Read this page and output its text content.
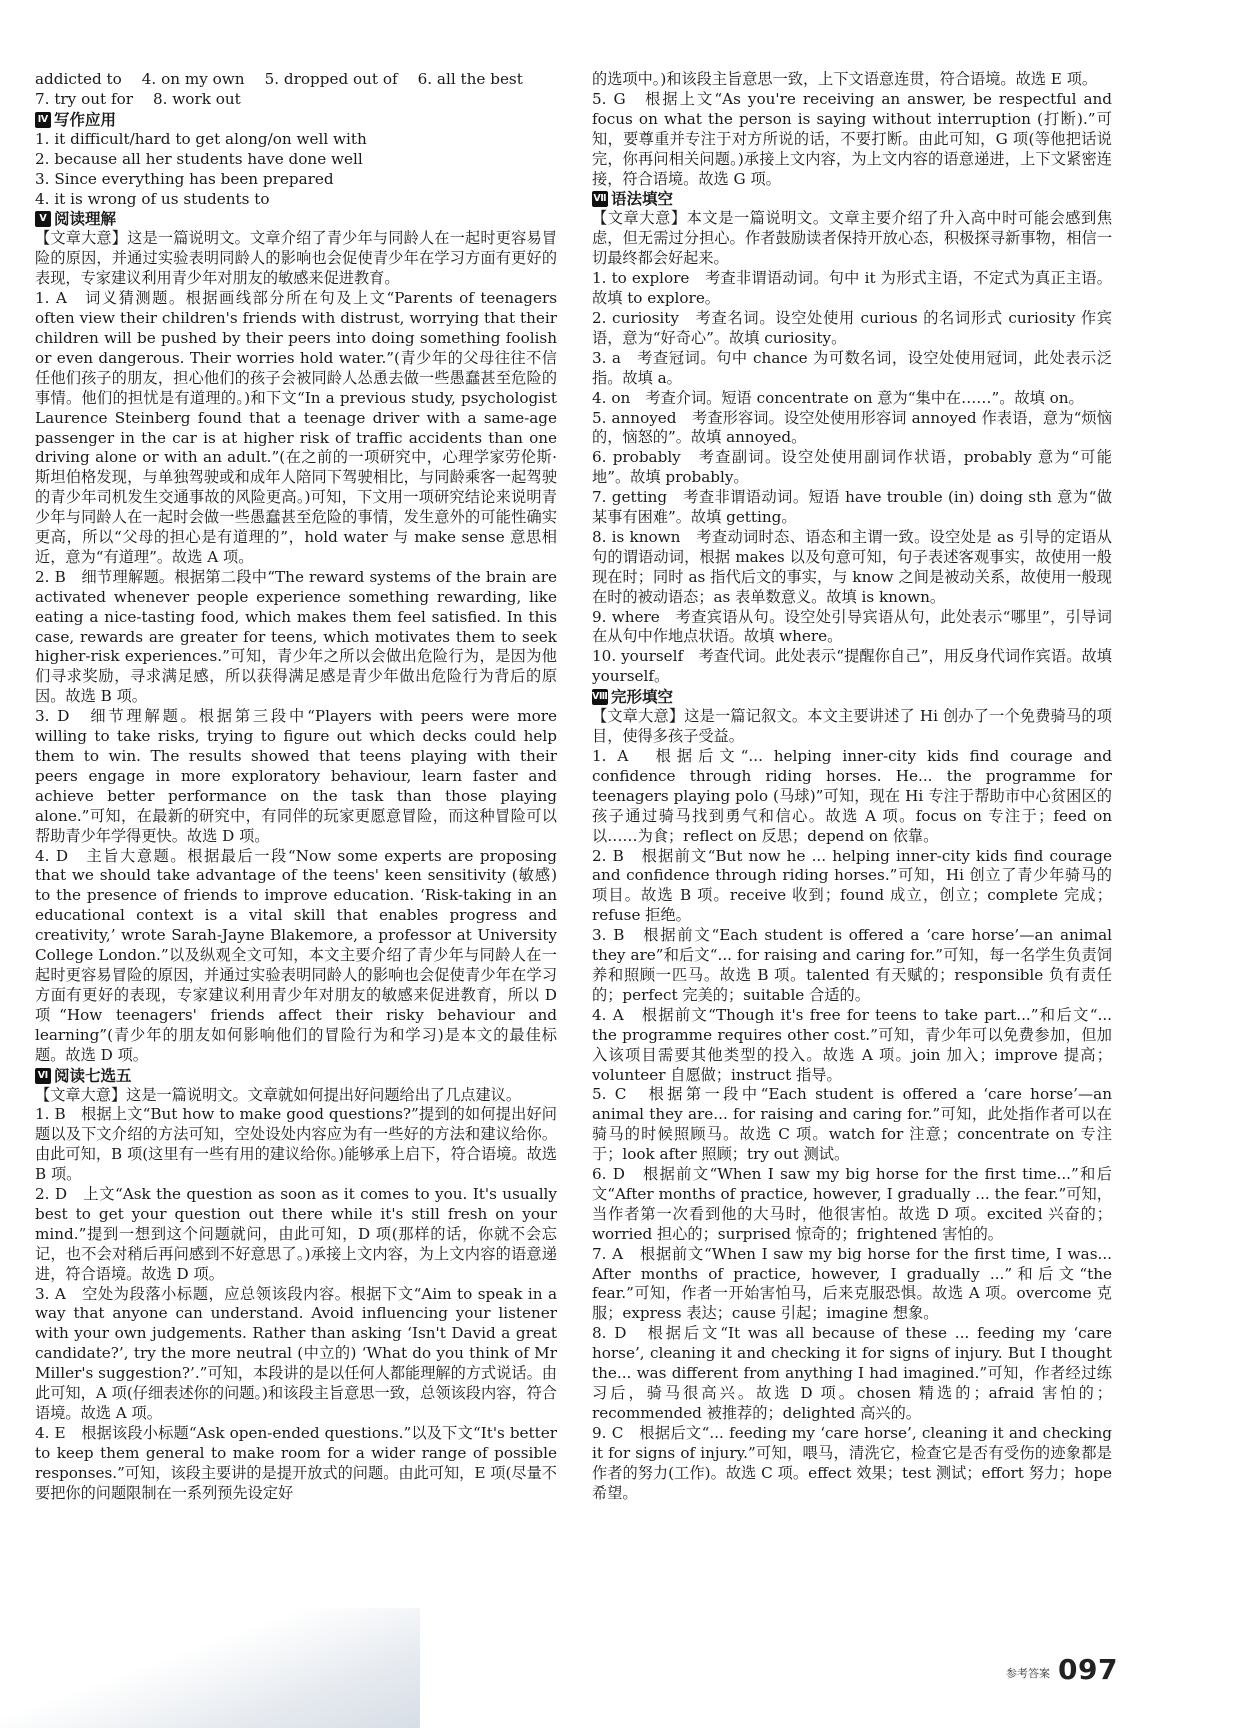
addicted to 4. on my own 5. dropped out of 6. all the best
7. try out for 8. work out
Ⅳ 写作应用

1. it difficult/hard to get along/on well with

2. because all her students have done well

3. Since everything has been prepared

4. it is wrong of us students to

Ⅴ 阅读理解

【文章大意】这是一篇说明文。文章介绍了青少年与同龄人在一起时更容易冒险的原因，并通过实验表明同龄人的影响也会促使青少年在学习方面有更好的表现，专家建议利用青少年对朋友的敏感来促进教育。

1. A　词义猜测题。根据画线部分所在句及上文“Parents of teenagers often view their children's friends with distrust, worrying that their children will be pushed by their peers into doing something foolish or even dangerous. Their worries hold water.”(青少年的父母往往不信任他们孩子的朋友，担心他们的孩子会被同龄人怂恿去做一些愚蠢甚至危险的事情。他们的担忧是有道理的。)和下文“In a previous study, psychologist Laurence Steinberg found that a teenage driver with a same-age passenger in the car is at higher risk of traffic accidents than one driving alone or with an adult.”(在之前的一项研究中，心理学家劳伦斯·斯坦伯格发现，与单独驾驶或和成年人陪同下驾驶相比，与同龄乘客一起驾驶的青少年司机发生交通事故的风险更高。)可知，下文用一项研究结论来说明青少年与同龄人在一起时会做一些愚蠢甚至危险的事情，发生意外的可能性确实更高，所以“父母的担心是有道理的”，hold water 与 make sense 意思相近，意为“有道理”。故选 A 项。

2. B　细节理解题。根据第二段中“The reward systems of the brain are activated whenever people experience something rewarding, like eating a nice-tasting food, which makes them feel satisfied. In this case, rewards are greater for teens, which motivates them to seek higher-risk experiences.”可知，青少年之所以会做出危险行为，是因为他们寻求奖励，寻求满足感，所以获得满足感是青少年做出危险行为背后的原因。故选 B 项。

3. D　细节理解题。根据第三段中“Players with peers were more willing to take risks, trying to figure out which decks could help them to win. The results showed that teens playing with their peers engage in more exploratory behaviour, learn faster and achieve better performance on the task than those playing alone.”可知，在最新的研究中，有同伴的玩家更愿意冒险，而这种冒险可以帮助青少年学得更快。故选 D 项。

4. D　主旨大意题。根据最后一段“Now some experts are proposing that we should take advantage of the teens' keen sensitivity (敏感) to the presence of friends to improve education. ‘Risk-taking in an educational context is a vital skill that enables progress and creativity,’ wrote Sarah-Jayne Blakemore, a professor at University College London.”以及纵观全文可知，本文主要介绍了青少年与同龄人在一起时更容易冒险的原因，并通过实验表明同龄人的影响也会促使青少年在学习方面有更好的表现，专家建议利用青少年对朋友的敏感来促进教育，所以 D 项“How teenagers' friends affect their risky behaviour and learning”(青少年的朋友如何影响他们的冒险行为和学习)是本文的最佳标题。故选 D 项。

Ⅵ 阅读七选五

【文章大意】这是一篇说明文。文章就如何提出好问题给出了几点建议。

1. B　根据上文“But how to make good questions?”提到的如何提出好问题以及下文介绍的方法可知，空处设处内容应为有一些好的方法和建议给你。由此可知，B 项(这里有一些有用的建议给你。)能够承上启下，符合语境。故选 B 项。

2. D　上文“Ask the question as soon as it comes to you. It's usually best to get your question out there while it's still fresh on your mind.”提到一想到这个问题就问，由此可知，D 项(那样的话，你就不会忘记，也不会对稍后再问感到不好意思了。)承接上文内容，为上文内容的语意递进，符合语境。故选 D 项。

3. A　空处为段落小标题，应总领该段内容。根据下文“Aim to speak in a way that anyone can understand. Avoid influencing your listener with your own judgements. Rather than asking ‘Isn't David a great candidate?’, try the more neutral (中立的) ‘What do you think of Mr Miller's suggestion?’.”可知，本段讲的是以任何人都能理解的方式说话。由此可知，A 项(仔细表述你的问题。)和该段主旨意思一致，总领该段内容，符合语境。故选 A 项。

4. E　根据该段小标题“Ask open-ended questions.”以及下文“It's better to keep them general to make room for a wider range of possible responses.”可知，该段主要讲的是提开放式的问题。由此可知，E 项(尽量不要把你的问题限制在一系列预先设定好

的选项中。)和该段主旨意思一致，上下文语意连贯，符合语境。故选 E 项。

5. G　根据上文“As you're receiving an answer, be respectful and focus on what the person is saying without interruption (打断).”可知，要尊重并专注于对方所说的话，不要打断。由此可知，G 项(等他把话说完，你再问相关问题。)承接上文内容，为上文内容的语意递进，上下文紧密连接，符合语境。故选 G 项。

Ⅶ 语法填空

【文章大意】本文是一篇说明文。文章主要介绍了升入高中时可能会感到焦虑，但无需过分担心。作者鼓励读者保持开放心态，积极探寻新事物，相信一切最终都会好起来。

1. to explore　考查非谓语动词。句中 it 为形式主语，不定式为真正主语。故填 to explore。

2. curiosity　考查名词。设空处使用 curious 的名词形式 curiosity 作宾语，意为“好奇心”。故填 curiosity。

3. a　考查冠词。句中 chance 为可数名词，设空处使用冠词，此处表示泛指。故填 a。

4. on　考查介词。短语 concentrate on 意为“集中在……”。故填 on。

5. annoyed　考查形容词。设空处使用形容词 annoyed 作表语，意为“烦恼的，恼怒的”。故填 annoyed。

6. probably　考查副词。设空处使用副词作状语，probably 意为“可能地”。故填 probably。

7. getting　考查非谓语动词。短语 have trouble (in) doing sth 意为“做某事有困难”。故填 getting。

8. is known　考查动词时态、语态和主谓一致。设空处是 as 引导的定语从句的谓语动词，根据 makes 以及句意可知，句子表述客观事实，故使用一般现在时；同时 as 指代后文的事实，与 know 之间是被动关系，故使用一般现在时的被动语态；as 表单数意义。故填 is known。

9. where　考查宾语从句。设空处引导宾语从句，此处表示“哪里”，引导词在从句中作地点状语。故填 where。

10. yourself　考查代词。此处表示“提醒你自己”，用反身代词作宾语。故填 yourself。

Ⅷ 完形填空

【文章大意】这是一篇记叙文。本文主要讲述了 Hi 创办了一个免费骑马的项目，使得多孩子受益。

1. A　根据后文“... helping inner-city kids find courage and confidence through riding horses. He... the programme for teenagers playing polo (马球)”可知，现在 Hi 专注于帮助市中心贫困区的孩子通过骑马找到勇气和信心。故选 A 项。focus on 专注于；feed on 以……为食；reflect on 反思；depend on 依靠。

2. B　根据前文“But now he ... helping inner-city kids find courage and confidence through riding horses.”可知，Hi 创立了青少年骑马的项目。故选 B 项。receive 收到；found 成立，创立；complete 完成；refuse 拒绝。

3. B　根据前文“Each student is offered a ‘care horse’—an animal they are”和后文“... for raising and caring for.”可知，每一名学生负责饲养和照顾一匹马。故选 B 项。talented 有天赋的；responsible 负有责任的；perfect 完美的；suitable 合适的。

4. A　根据前文“Though it's free for teens to take part...”和后文“... the programme requires other cost.”可知，青少年可以免费参加，但加入该项目需要其他类型的投入。故选 A 项。join 加入；improve 提高；volunteer 自愿做；instruct 指导。

5. C　根据第一段中“Each student is offered a ‘care horse’—an animal they are... for raising and caring for.”可知，此处指作者可以在骑马的时候照顾马。故选 C 项。watch for 注意；concentrate on 专注于；look after 照顾；try out 测试。

6. D　根据前文“When I saw my big horse for the first time...”和后文“After months of practice, however, I gradually ... the fear.”可知，当作者第一次看到他的大马时，他很害怕。故选 D 项。excited 兴奋的；worried 担心的；surprised 惊奇的；frightened 害怕的。

7. A　根据前文“When I saw my big horse for the first time, I was... After months of practice, however, I gradually ...”和后文“the fear.”可知，作者一开始害怕马，后来克服恐惧。故选 A 项。overcome 克服；express 表达；cause 引起；imagine 想象。

8. D　根据后文“It was all because of these ... feeding my ‘care horse’, cleaning it and checking it for signs of injury. But I thought the... was different from anything I had imagined.”可知，作者经过练习后，骑马很高兴。故选 D 项。chosen 精选的；afraid 害怕的；recommended 被推荐的；delighted 高兴的。

9. C　根据后文“... feeding my ‘care horse’, cleaning it and checking it for signs of injury.”可知，喂马，清洗它，检查它是否有受伤的迹象都是作者的努力(工作)。故选 C 项。effect 效果；test 测试；effort 努力；hope 希望。

参考答案 097
